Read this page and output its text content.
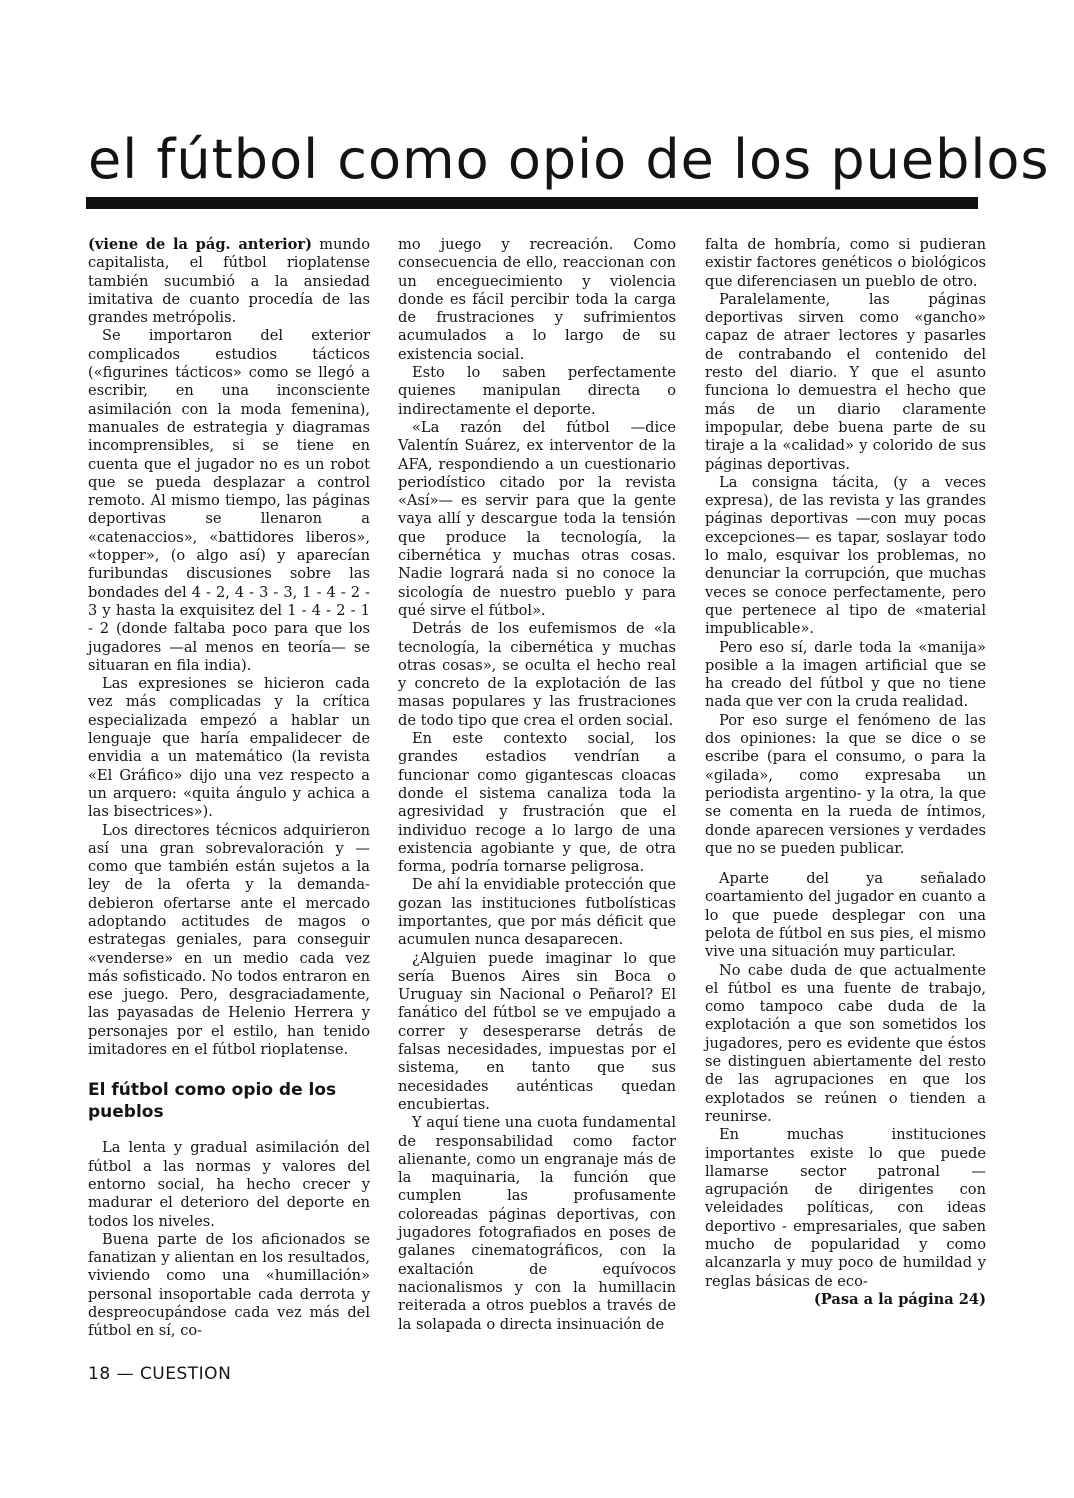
el fútbol como opio de los pueblos

(viene de la pág. anterior) mundo capitalista, el fútbol rioplatense también sucumbió a la ansiedad imitativa de cuanto procedía de las grandes metrópolis.

Se importaron del exterior complicados estudios tácticos («figurines tácticos» como se llegó a escribir, en una inconsciente asimilación con la moda femenina), manuales de estrategia y diagramas incomprensibles, si se tiene en cuenta que el jugador no es un robot que se pueda desplazar a control remoto. Al mismo tiempo, las páginas deportivas se llenaron a «catenaccios», «battidores liberos», «topper», (o algo así) y aparecían furibundas discusiones sobre las bondades del 4 - 2, 4 - 3 - 3, 1 - 4 - 2 - 3 y hasta la exquisitez del 1 - 4 - 2 - 1 - 2 (donde faltaba poco para que los jugadores —al menos en teoría— se situaran en fila india).

Las expresiones se hicieron cada vez más complicadas y la crítica especializada empezó a hablar un lenguaje que haría empalidecer de envidia a un matemático (la revista «El Gráfico» dijo una vez respecto a un arquero: «quita ángulo y achica a las bisectrices»).

Los directores técnicos adquirieron así una gran sobrevaloración y —como que también están sujetos a la ley de la oferta y la demanda- debieron ofertarse ante el mercado adoptando actitudes de magos o estrategas geniales, para conseguir «venderse» en un medio cada vez más sofisticado. No todos entraron en ese juego. Pero, desgraciadamente, las payasadas de Helenio Herrera y personajes por el estilo, han tenido imitadores en el fútbol rioplatense.

El fútbol como opio de los pueblos

La lenta y gradual asimilación del fútbol a las normas y valores del entorno social, ha hecho crecer y madurar el deterioro del deporte en todos los niveles.

Buena parte de los aficionados se fanatizan y alientan en los resultados, viviendo como una «humillación» personal insoportable cada derrota y despreocupándose cada vez más del fútbol en sí, co-

mo juego y recreación. Como consecuencia de ello, reaccionan con un enceguecimiento y violencia donde es fácil percibir toda la carga de frustraciones y sufrimientos acumulados a lo largo de su existencia social.

Esto lo saben perfectamente quienes manipulan directa o indirectamente el deporte.

«La razón del fútbol —dice Valentín Suárez, ex interventor de la AFA, respondiendo a un cuestionario periodístico citado por la revista «Así»— es servir para que la gente vaya allí y descargue toda la tensión que produce la tecnología, la cibernética y muchas otras cosas. Nadie logrará nada si no conoce la sicología de nuestro pueblo y para qué sirve el fútbol».

Detrás de los eufemismos de «la tecnología, la cibernética y muchas otras cosas», se oculta el hecho real y concreto de la explotación de las masas populares y las frustraciones de todo tipo que crea el orden social.

En este contexto social, los grandes estadios vendrían a funcionar como gigantescas cloacas donde el sistema canaliza toda la agresividad y frustración que el individuo recoge a lo largo de una existencia agobiante y que, de otra forma, podría tornarse peligrosa.

De ahí la envidiable protección que gozan las instituciones futbolísticas importantes, que por más déficit que acumulen nunca desaparecen.

¿Alguien puede imaginar lo que sería Buenos Aires sin Boca o Uruguay sin Nacional o Peñarol? El fanático del fútbol se ve empujado a correr y desesperarse detrás de falsas necesidades, impuestas por el sistema, en tanto que sus necesidades auténticas quedan encubiertas.

Y aquí tiene una cuota fundamental de responsabilidad como factor alienante, como un engranaje más de la maquinaria, la función que cumplen las profusamente coloreadas páginas deportivas, con jugadores fotografiados en poses de galanes cinematográficos, con la exaltación de equívocos nacionalismos y con la humillacin reiterada a otros pueblos a través de la solapada o directa insinuación de

falta de hombría, como si pudieran existir factores genéticos o biológicos que diferenciasen un pueblo de otro.

Paralelamente, las páginas deportivas sirven como «gancho» capaz de atraer lectores y pasarles de contrabando el contenido del resto del diario. Y que el asunto funciona lo demuestra el hecho que más de un diario claramente impopular, debe buena parte de su tiraje a la «calidad» y colorido de sus páginas deportivas.

La consigna tácita, (y a veces expresa), de las revista y las grandes páginas deportivas —con muy pocas excepciones— es tapar, soslayar todo lo malo, esquivar los problemas, no denunciar la corrupción, que muchas veces se conoce perfectamente, pero que pertenece al tipo de «material impublicable».

Pero eso sí, darle toda la «manija» posible a la imagen artificial que se ha creado del fútbol y que no tiene nada que ver con la cruda realidad.

Por eso surge el fenómeno de las dos opiniones: la que se dice o se escribe (para el consumo, o para la «gilada», como expresaba un periodista argentino- y la otra, la que se comenta en la rueda de íntimos, donde aparecen versiones y verdades que no se pueden publicar.

Aparte del ya señalado coartamiento del jugador en cuanto a lo que puede desplegar con una pelota de fútbol en sus pies, el mismo vive una situación muy particular.

No cabe duda de que actualmente el fútbol es una fuente de trabajo, como tampoco cabe duda de la explotación a que son sometidos los jugadores, pero es evidente que éstos se distinguen abiertamente del resto de las agrupaciones en que los explotados se reúnen o tienden a reunirse.

En muchas instituciones importantes existe lo que puede llamarse sector patronal —agrupación de dirigentes con veleidades políticas, con ideas deportivo - empresariales, que saben mucho de popularidad y como alcanzarla y muy poco de humildad y reglas básicas de eco-

(Pasa a la página 24)

18 — CUESTION
